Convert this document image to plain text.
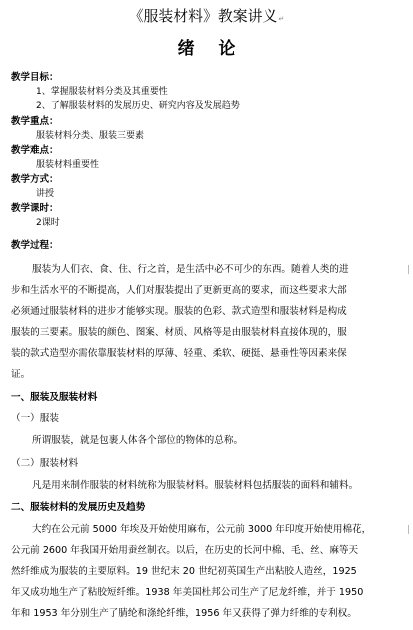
《服装材料》教案讲义↵
绪论
教学目标：
1、掌握服装材料分类及其重要性
2、了解服装材料的发展历史、研究内容及发展趋势
教学重点：
服装材料分类、服装三要素
教学难点：
服装材料重要性
教学方式：
讲授
教学课时：
2课时
教学过程：
服装为人们衣、食、住、行之首，是生活中必不可少的东西。随着人类的进
步和生活水平的不断提高，人们对服装提出了更新更高的要求，而这些要求大部
必须通过服装材料的进步才能够实现。服装的色彩、款式造型和服装材料是构成
服装的三要素。服装的颜色、图案、材质、风格等是由服装材料直接体现的，服
装的款式造型亦需依靠服装材料的厚薄、轻重、柔软、硬挺、悬垂性等因素来保
证。
一、服装及服装材料
（一）服装
所谓服装，就是包裹人体各个部位的物体的总称。
（二）服装材料
凡是用来制作服装的材料统称为服装材料。服装材料包括服装的面料和辅料。
二、服装材料的发展历史及趋势
大约在公元前 5000 年埃及开始使用麻布，公元前 3000 年印度开始使用棉花，
公元前 2600 年我国开始用蚕丝制衣。以后，在历史的长河中棉、毛、丝、麻等天
然纤维成为服装的主要原料。19 世纪末 20 世纪初英国生产出粘胶人造丝，1925
年又成功地生产了粘胶短纤维。1938 年美国杜邦公司生产了尼龙纤维，并于 1950
年和 1953 年分别生产了腈纶和涤纶纤维，1956 年又获得了弹力纤维的专利权。
